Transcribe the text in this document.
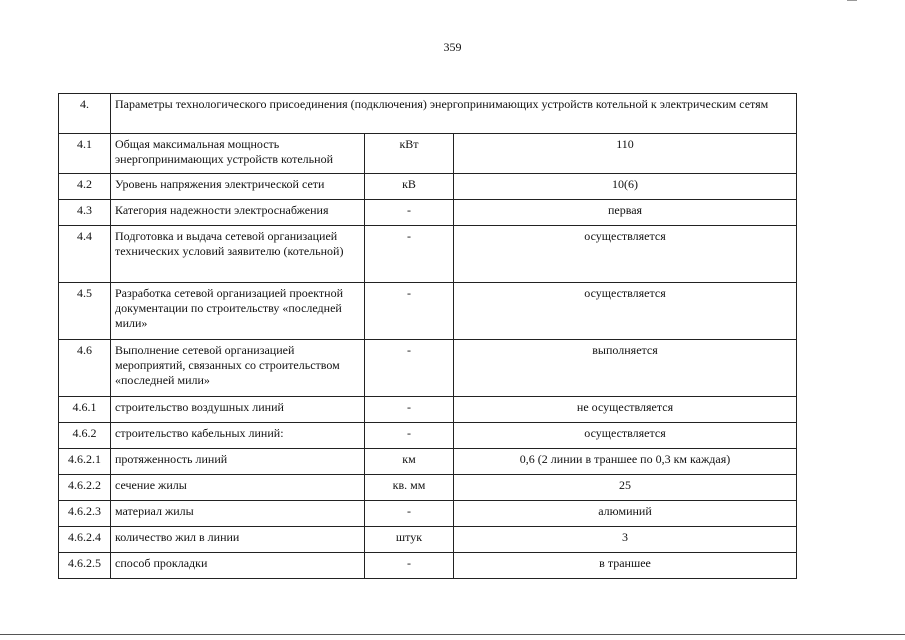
359
4.	Параметры технологического присоединения (подключения) энергопринимающих устройств котельной к электрическим сетям		
4.1	Общая максимальная мощность энергопринимающих устройств котельной	кВт	110
4.2	Уровень напряжения электрической сети	кВ	10(6)
4.3	Категория надежности электроснабжения	-	первая
4.4	Подготовка и выдача сетевой организацией технических условий заявителю (котельной)	-	осуществляется
4.5	Разработка сетевой организацией проектной документации по строительству «последней мили»	-	осуществляется
4.6	Выполнение сетевой организацией мероприятий, связанных со строительством «последней мили»	-	выполняется
4.6.1	строительство воздушных линий	-	не осуществляется
4.6.2	строительство кабельных линий:	-	осуществляется
4.6.2.1	протяженность линий	км	0,6 (2 линии в траншее по 0,3 км каждая)
4.6.2.2	сечение жилы	кв. мм	25
4.6.2.3	материал жилы	-	алюминий
4.6.2.4	количество жил в линии	штук	3
4.6.2.5	способ прокладки	-	в траншее
